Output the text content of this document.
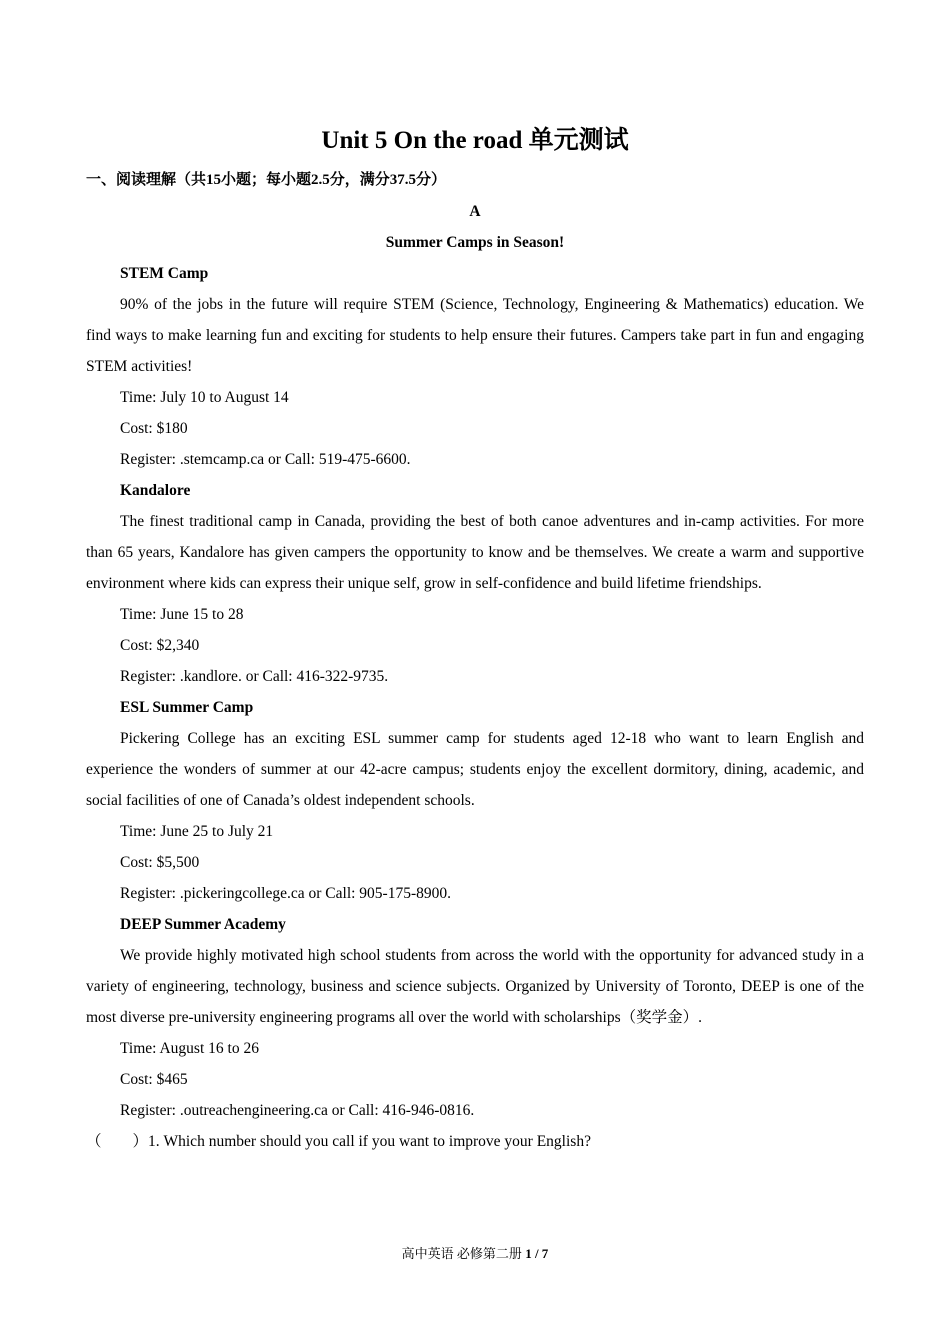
Unit 5 On the road 单元测试
一、阅读理解（共15小题；每小题2.5分，满分37.5分）

A

Summer Camps in Season!

STEM Camp

90% of the jobs in the future will require STEM (Science, Technology, Engineering & Mathematics) education. We find ways to make learning fun and exciting for students to help ensure their futures. Campers take part in fun and engaging STEM activities!

Time: July 10 to August 14

Cost: $180

Register: .stemcamp.ca or Call: 519-475-6600.

Kandalore

The finest traditional camp in Canada, providing the best of both canoe adventures and in-camp activities. For more than 65 years, Kandalore has given campers the opportunity to know and be themselves. We create a warm and supportive environment where kids can express their unique self, grow in self-confidence and build lifetime friendships.

Time: June 15 to 28

Cost: $2,340

Register: .kandlore. or Call: 416-322-9735.

ESL Summer Camp

Pickering College has an exciting ESL summer camp for students aged 12-18 who want to learn English and experience the wonders of summer at our 42-acre campus; students enjoy the excellent dormitory, dining, academic, and social facilities of one of Canada’s oldest independent schools.

Time: June 25 to July 21

Cost: $5,500

Register: .pickeringcollege.ca or Call: 905-175-8900.

DEEP Summer Academy

We provide highly motivated high school students from across the world with the opportunity for advanced study in a variety of engineering, technology, business and science subjects. Organized by University of Toronto, DEEP is one of the most diverse pre-university engineering programs all over the world with scholarships（奖学金）.

Time: August 16 to 26

Cost: $465

Register: .outreachengineering.ca or Call: 416-946-0816.

（        ）1. Which number should you call if you want to improve your English?

高中英语 必修第二册 1 / 7
